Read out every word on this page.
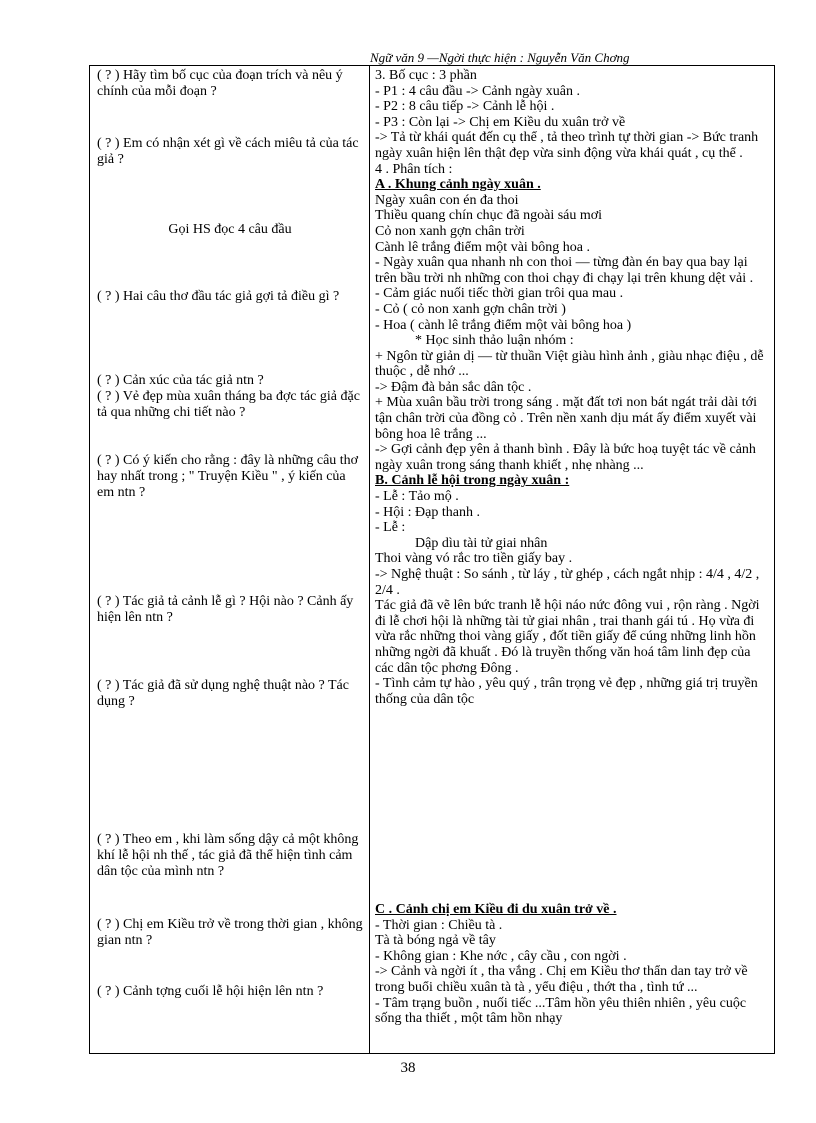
Ngữ văn 9 —Ngời thực hiện : Nguyễn Văn Chơng
( ? ) Hãy tìm bố cục của đoạn trích và nêu ý chính của mỗi đoạn ?
( ? ) Em có nhận xét gì về cách miêu tả của tác giả ?
Gọi HS đọc 4 câu đầu
( ? ) Hai câu thơ đầu tác giả gợi tả điều gì ?
( ? ) Cản xúc của tác giả ntn ?
( ? ) Vẻ đẹp mùa xuân tháng ba đợc tác giả đặc tả qua những chi tiết nào ?
( ? ) Có ý kiến cho rằng : đây là những câu thơ hay nhất trong ; " Truyện Kiều " , ý kiến của em ntn ?
( ? ) Tác giả tả cảnh lễ gì ? Hội nào ? Cảnh ấy hiện lên ntn ?
( ? ) Tác giả đã sử dụng nghệ thuật nào ? Tác dụng ?
( ? ) Theo em , khi làm sống dậy cả một không khí lễ hội nh thế , tác giả đã thể hiện tình cảm dân tộc của mình ntn ?
( ? ) Chị em Kiều trở về trong thời gian , không gian ntn ?
( ? ) Cảnh tợng cuối lễ hội hiện lên ntn ?
3. Bố cục : 3 phần
- P1 : 4 câu đầu -> Cảnh ngày xuân .
- P2 : 8 câu tiếp -> Cảnh lễ hội .
- P3 : Còn lại -> Chị em Kiều du xuân trở về
-> Tả từ khái quát đến cụ thể , tả theo trình tự thời gian -> Bức tranh ngày xuân hiện lên thật đẹp vừa sinh động vừa khái quát , cụ thể .
4 . Phân tích :
A . Khung cảnh ngày xuân .
Ngày xuân con én đa thoi
Thiều quang chín chục đã ngoài sáu mơi
Cỏ non xanh gợn chân trời
Cành lê trắng điểm một vài bông hoa .
- Ngày xuân qua nhanh nh con thoi — từng đàn én bay qua bay lại trên bầu trời nh những con thoi chạy đi chạy lại trên khung dệt vải .
- Cảm giác nuối tiếc thời gian trôi qua mau .
- Cỏ ( cỏ non xanh gợn chân trời )
- Hoa ( cành lê trắng điểm một vài bông hoa )
* Học sinh thảo luận nhóm :
+ Ngôn từ giản dị — từ thuần Việt giàu hình ảnh , giàu nhạc điệu , dễ thuộc , dễ nhớ ...
-> Đậm đà bản sắc dân tộc .
+ Mùa xuân bầu trời trong sáng . mặt đất tơi non bát ngát trải dài tới tận chân trời của đồng cỏ . Trên nền xanh dịu mát ấy điểm xuyết vài bông hoa lê trắng ...
-> Gợi cảnh đẹp yên ả thanh bình . Đây là bức hoạ tuyệt tác về cảnh ngày xuân trong sáng thanh khiết , nhẹ nhàng ...
B. Cảnh lễ hội trong ngày xuân :
- Lễ : Tảo mộ .
- Hội : Đạp thanh .
- Lễ :
Dập dìu tài tử giai nhân
Thoi vàng vó rắc tro tiền giấy bay .
-> Nghệ thuật : So sánh , từ láy , từ ghép , cách ngắt nhịp : 4/4 , 4/2 , 2/4 .
Tác giả đã vẽ lên bức tranh lễ hội náo nức đông vui , rộn ràng . Ngời đi lễ chơi hội là những tài tử giai nhân , trai thanh gái tú . Họ vừa đi vừa rắc những thoi vàng giấy , đốt tiền giấy để cúng những linh hồn những ngời đã khuất . Đó là truyền thống văn hoá tâm linh đẹp của các dân tộc phơng Đông .
- Tình cảm tự hào , yêu quý , trân trọng vẻ đẹp , những giá trị truyền thống của dân tộc
C . Cảnh chị em Kiều đi du xuân trở về .
- Thời gian : Chiều tà .
Tà tà bóng ngả về tây
- Không gian : Khe nớc , cây cầu , con ngời .
-> Cảnh và ngời ít , tha vắng . Chị em Kiều thơ thẩn dan tay trở về trong buổi chiều xuân tà tà , yểu điệu , thớt tha , tình tứ ...
- Tâm trạng buồn , nuối tiếc ...Tâm hồn yêu thiên nhiên , yêu cuộc sống tha thiết , một tâm hồn nhạy
38
